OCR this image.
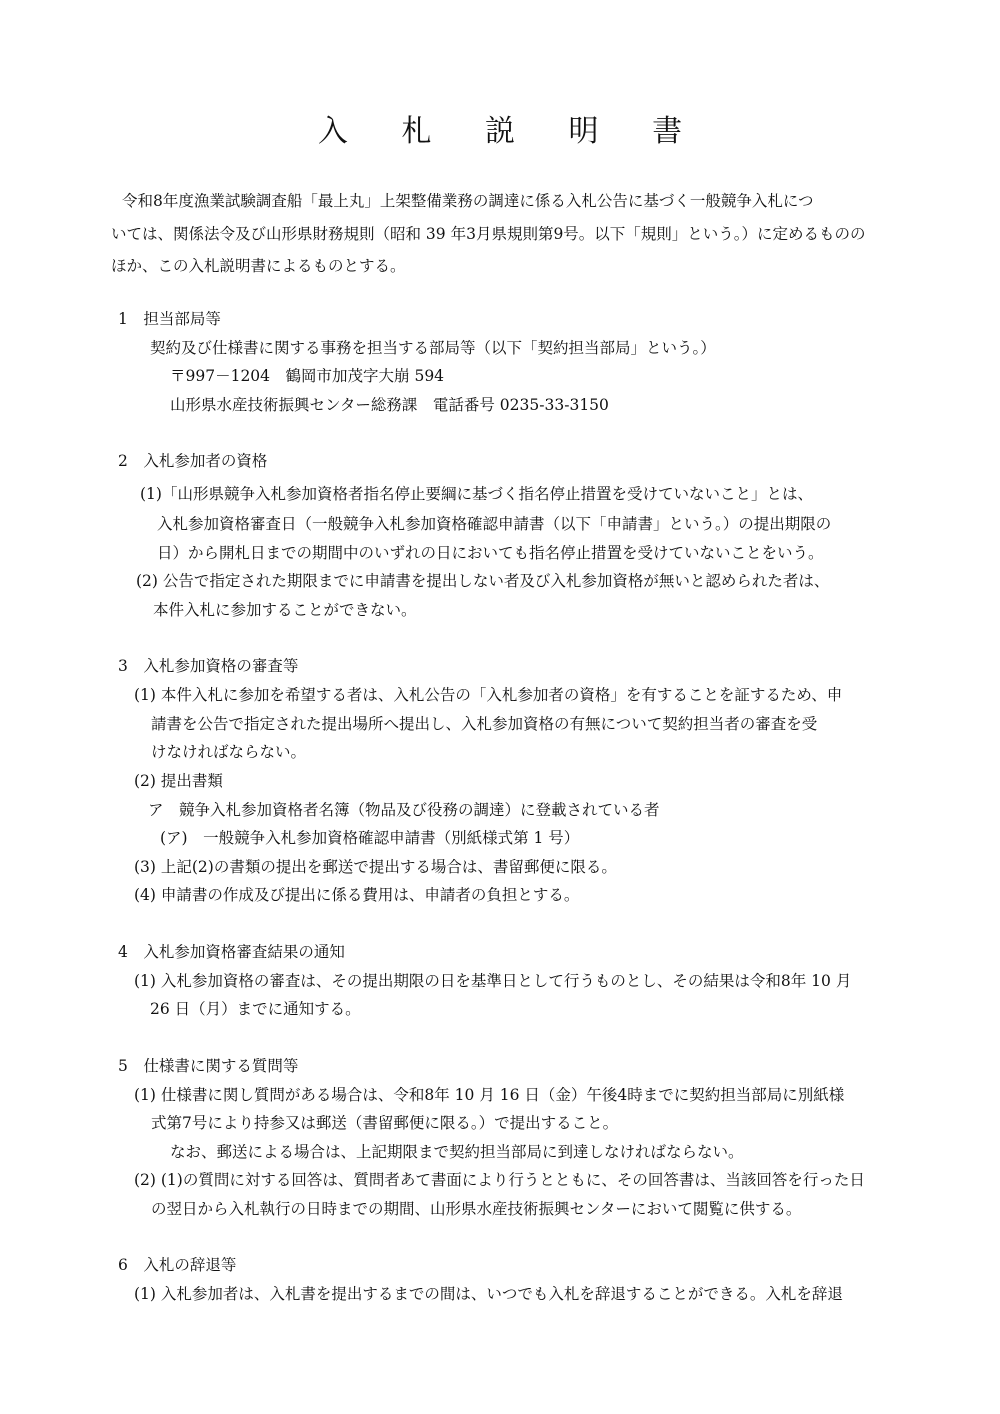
入 札 説 明 書
令和8年度漁業試験調査船「最上丸」上架整備業務の調達に係る入札公告に基づく一般競争入札につ
いては、関係法令及び山形県財務規則（昭和 39 年3月県規則第9号。以下「規則」という。）に定めるものの
ほか、この入札説明書によるものとする。
1　担当部局等
契約及び仕様書に関する事務を担当する部局等（以下「契約担当部局」という。）
〒997－1204　鶴岡市加茂字大崩 594
山形県水産技術振興センター総務課　電話番号 0235-33-3150
2　入札参加者の資格
(1)「山形県競争入札参加資格者指名停止要綱に基づく指名停止措置を受けていないこと」とは、
入札参加資格審査日（一般競争入札参加資格確認申請書（以下「申請書」という。）の提出期限の
日）から開札日までの期間中のいずれの日においても指名停止措置を受けていないことをいう。
(2) 公告で指定された期限までに申請書を提出しない者及び入札参加資格が無いと認められた者は、
本件入札に参加することができない。
3　入札参加資格の審査等
(1) 本件入札に参加を希望する者は、入札公告の「入札参加者の資格」を有することを証するため、申
請書を公告で指定された提出場所へ提出し、入札参加資格の有無について契約担当者の審査を受
けなければならない。
(2) 提出書類
ア　競争入札参加資格者名簿（物品及び役務の調達）に登載されている者
(ア)　一般競争入札参加資格確認申請書（別紙様式第 1 号）
(3) 上記(2)の書類の提出を郵送で提出する場合は、書留郵便に限る。
(4) 申請書の作成及び提出に係る費用は、申請者の負担とする。
4　入札参加資格審査結果の通知
(1) 入札参加資格の審査は、その提出期限の日を基準日として行うものとし、その結果は令和8年 10 月
26 日（月）までに通知する。
5　仕様書に関する質問等
(1) 仕様書に関し質問がある場合は、令和8年 10 月 16 日（金）午後4時までに契約担当部局に別紙様
式第7号により持参又は郵送（書留郵便に限る。）で提出すること。
なお、郵送による場合は、上記期限まで契約担当部局に到達しなければならない。
(2) (1)の質問に対する回答は、質問者あて書面により行うとともに、その回答書は、当該回答を行った日
の翌日から入札執行の日時までの期間、山形県水産技術振興センターにおいて閲覧に供する。
6　入札の辞退等
(1) 入札参加者は、入札書を提出するまでの間は、いつでも入札を辞退することができる。入札を辞退
